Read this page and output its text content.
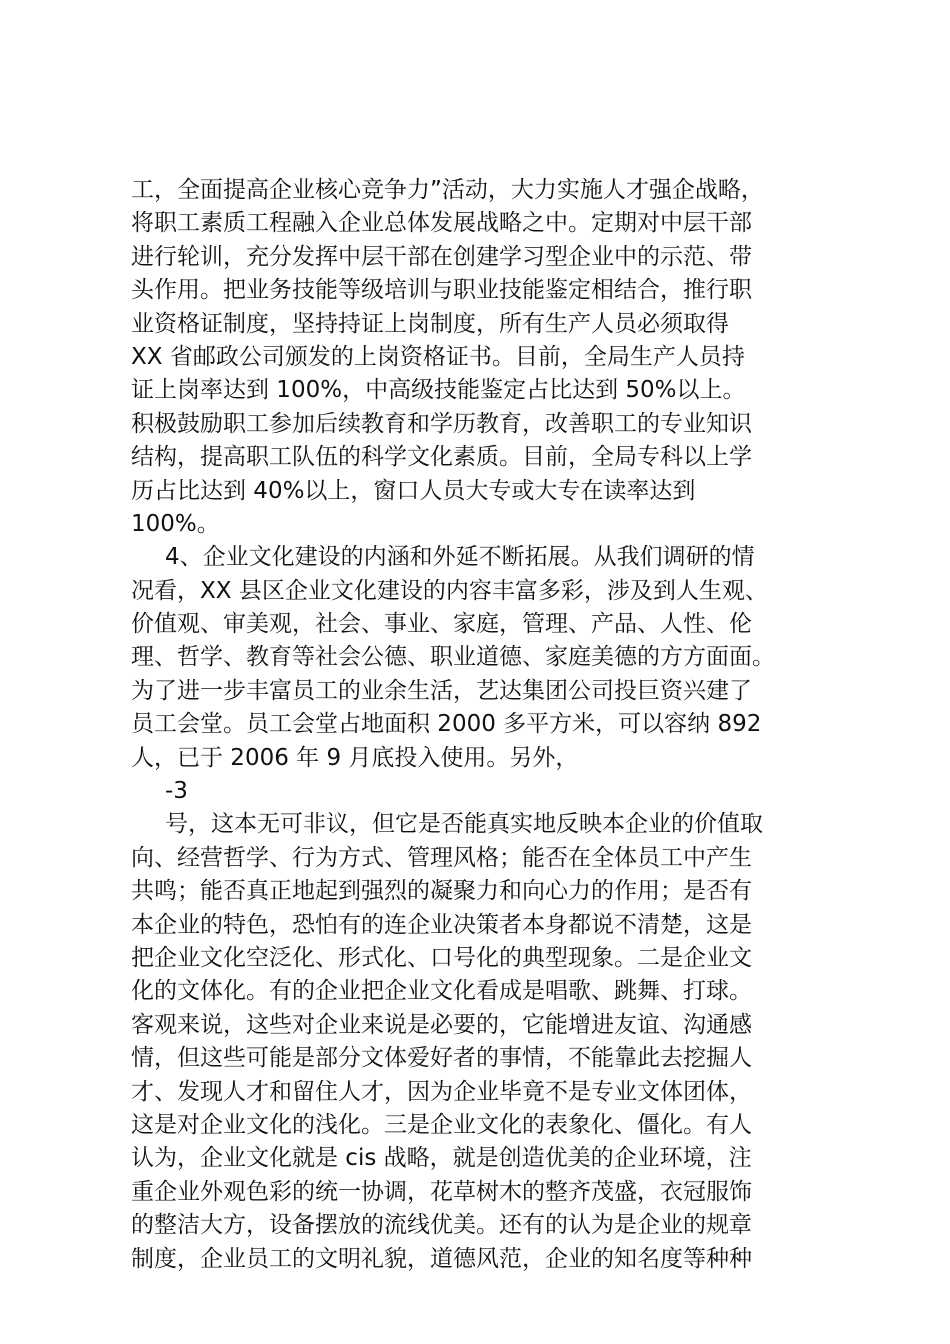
工，全面提高企业核心竞争力”活动，大力实施人才强企战略，
将职工素质工程融入企业总体发展战略之中。定期对中层干部
进行轮训，充分发挥中层干部在创建学习型企业中的示范、带
头作用。把业务技能等级培训与职业技能鉴定相结合，推行职
业资格证制度，坚持持证上岗制度，所有生产人员必须取得
XX 省邮政公司颁发的上岗资格证书。目前，全局生产人员持
证上岗率达到 100%，中高级技能鉴定占比达到 50%以上。
积极鼓励职工参加后续教育和学历教育，改善职工的专业知识
结构，提高职工队伍的科学文化素质。目前，全局专科以上学
历占比达到 40%以上，窗口人员大专或大专在读率达到
100%。
4、企业文化建设的内涵和外延不断拓展。从我们调研的情
况看，XX 县区企业文化建设的内容丰富多彩，涉及到人生观、
价值观、审美观，社会、事业、家庭，管理、产品、人性、伦
理、哲学、教育等社会公德、职业道德、家庭美德的方方面面。
为了进一步丰富员工的业余生活，艺达集团公司投巨资兴建了
员工会堂。员工会堂占地面积 2000 多平方米，可以容纳 892
人，已于 2006 年 9 月底投入使用。另外，
-3
号，这本无可非议，但它是否能真实地反映本企业的价值取
向、经营哲学、行为方式、管理风格；能否在全体员工中产生
共鸣；能否真正地起到强烈的凝聚力和向心力的作用；是否有
本企业的特色，恐怕有的连企业决策者本身都说不清楚，这是
把企业文化空泛化、形式化、口号化的典型现象。二是企业文
化的文体化。有的企业把企业文化看成是唱歌、跳舞、打球。
客观来说，这些对企业来说是必要的，它能增进友谊、沟通感
情，但这些可能是部分文体爱好者的事情，不能靠此去挖掘人
才、发现人才和留住人才，因为企业毕竟不是专业文体团体，
这是对企业文化的浅化。三是企业文化的表象化、僵化。有人
认为，企业文化就是 cis 战略，就是创造优美的企业环境，注
重企业外观色彩的统一协调，花草树木的整齐茂盛，衣冠服饰
的整洁大方，设备摆放的流线优美。还有的认为是企业的规章
制度，企业员工的文明礼貌，道德风范，企业的知名度等种种
